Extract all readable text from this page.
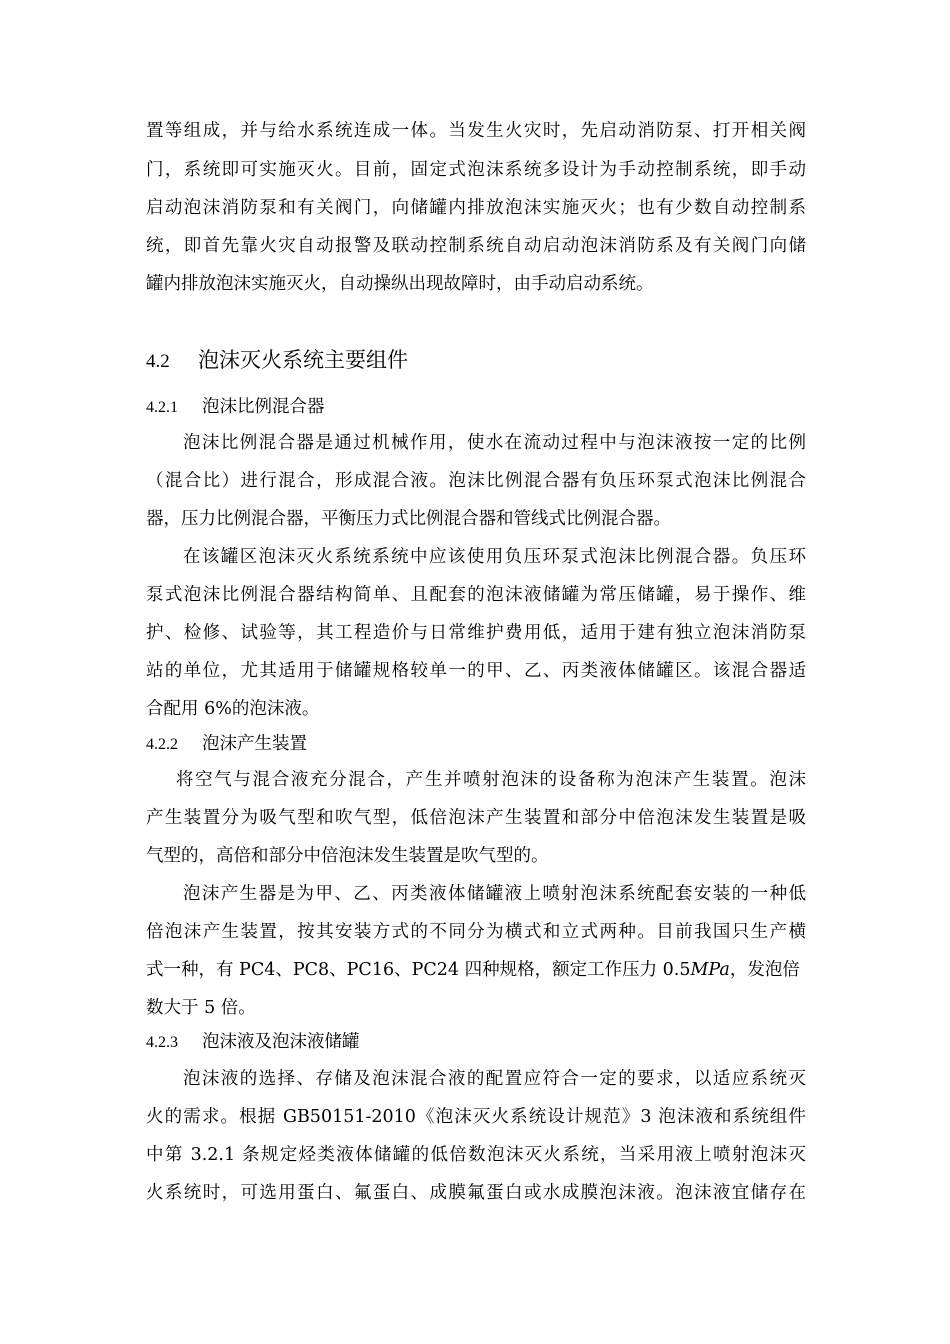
置等组成，并与给水系统连成一体。当发生火灾时，先启动消防泵、打开相关阀
门，系统即可实施灭火。目前，固定式泡沫系统多设计为手动控制系统，即手动
启动泡沫消防泵和有关阀门，向储罐内排放泡沫实施灭火；也有少数自动控制系
统，即首先靠火灾自动报警及联动控制系统自动启动泡沫消防系及有关阀门向储
罐内排放泡沫实施灭火，自动操纵出现故障时，由手动启动系统。
4.2 泡沫灭火系统主要组件
4.2.1 泡沫比例混合器
泡沫比例混合器是通过机械作用，使水在流动过程中与泡沫液按一定的比例
（混合比）进行混合，形成混合液。泡沫比例混合器有负压环泵式泡沫比例混合
器，压力比例混合器，平衡压力式比例混合器和管线式比例混合器。
在该罐区泡沫灭火系统系统中应该使用负压环泵式泡沫比例混合器。负压环
泵式泡沫比例混合器结构简单、且配套的泡沫液储罐为常压储罐，易于操作、维
护、检修、试验等，其工程造价与日常维护费用低，适用于建有独立泡沫消防泵
站的单位，尤其适用于储罐规格较单一的甲、乙、丙类液体储罐区。该混合器适
合配用 6%的泡沫液。
4.2.2 泡沫产生装置
将空气与混合液充分混合，产生并喷射泡沫的设备称为泡沫产生装置。泡沫
产生装置分为吸气型和吹气型，低倍泡沫产生装置和部分中倍泡沫发生装置是吸
气型的，高倍和部分中倍泡沫发生装置是吹气型的。
泡沫产生器是为甲、乙、丙类液体储罐液上喷射泡沫系统配套安装的一种低
倍泡沫产生装置，按其安装方式的不同分为横式和立式两种。目前我国只生产横
式一种，有 PC4、PC8、PC16、PC24 四种规格，额定工作压力 0.5MPa，发泡倍
数大于 5 倍。
4.2.3 泡沫液及泡沫液储罐
泡沫液的选择、存储及泡沫混合液的配置应符合一定的要求，以适应系统灭
火的需求。根据 GB50151-2010《泡沫灭火系统设计规范》3 泡沫液和系统组件
中第 3.2.1 条规定烃类液体储罐的低倍数泡沫灭火系统，当采用液上喷射泡沫灭
火系统时，可选用蛋白、氟蛋白、成膜氟蛋白或水成膜泡沫液。泡沫液宜储存在
